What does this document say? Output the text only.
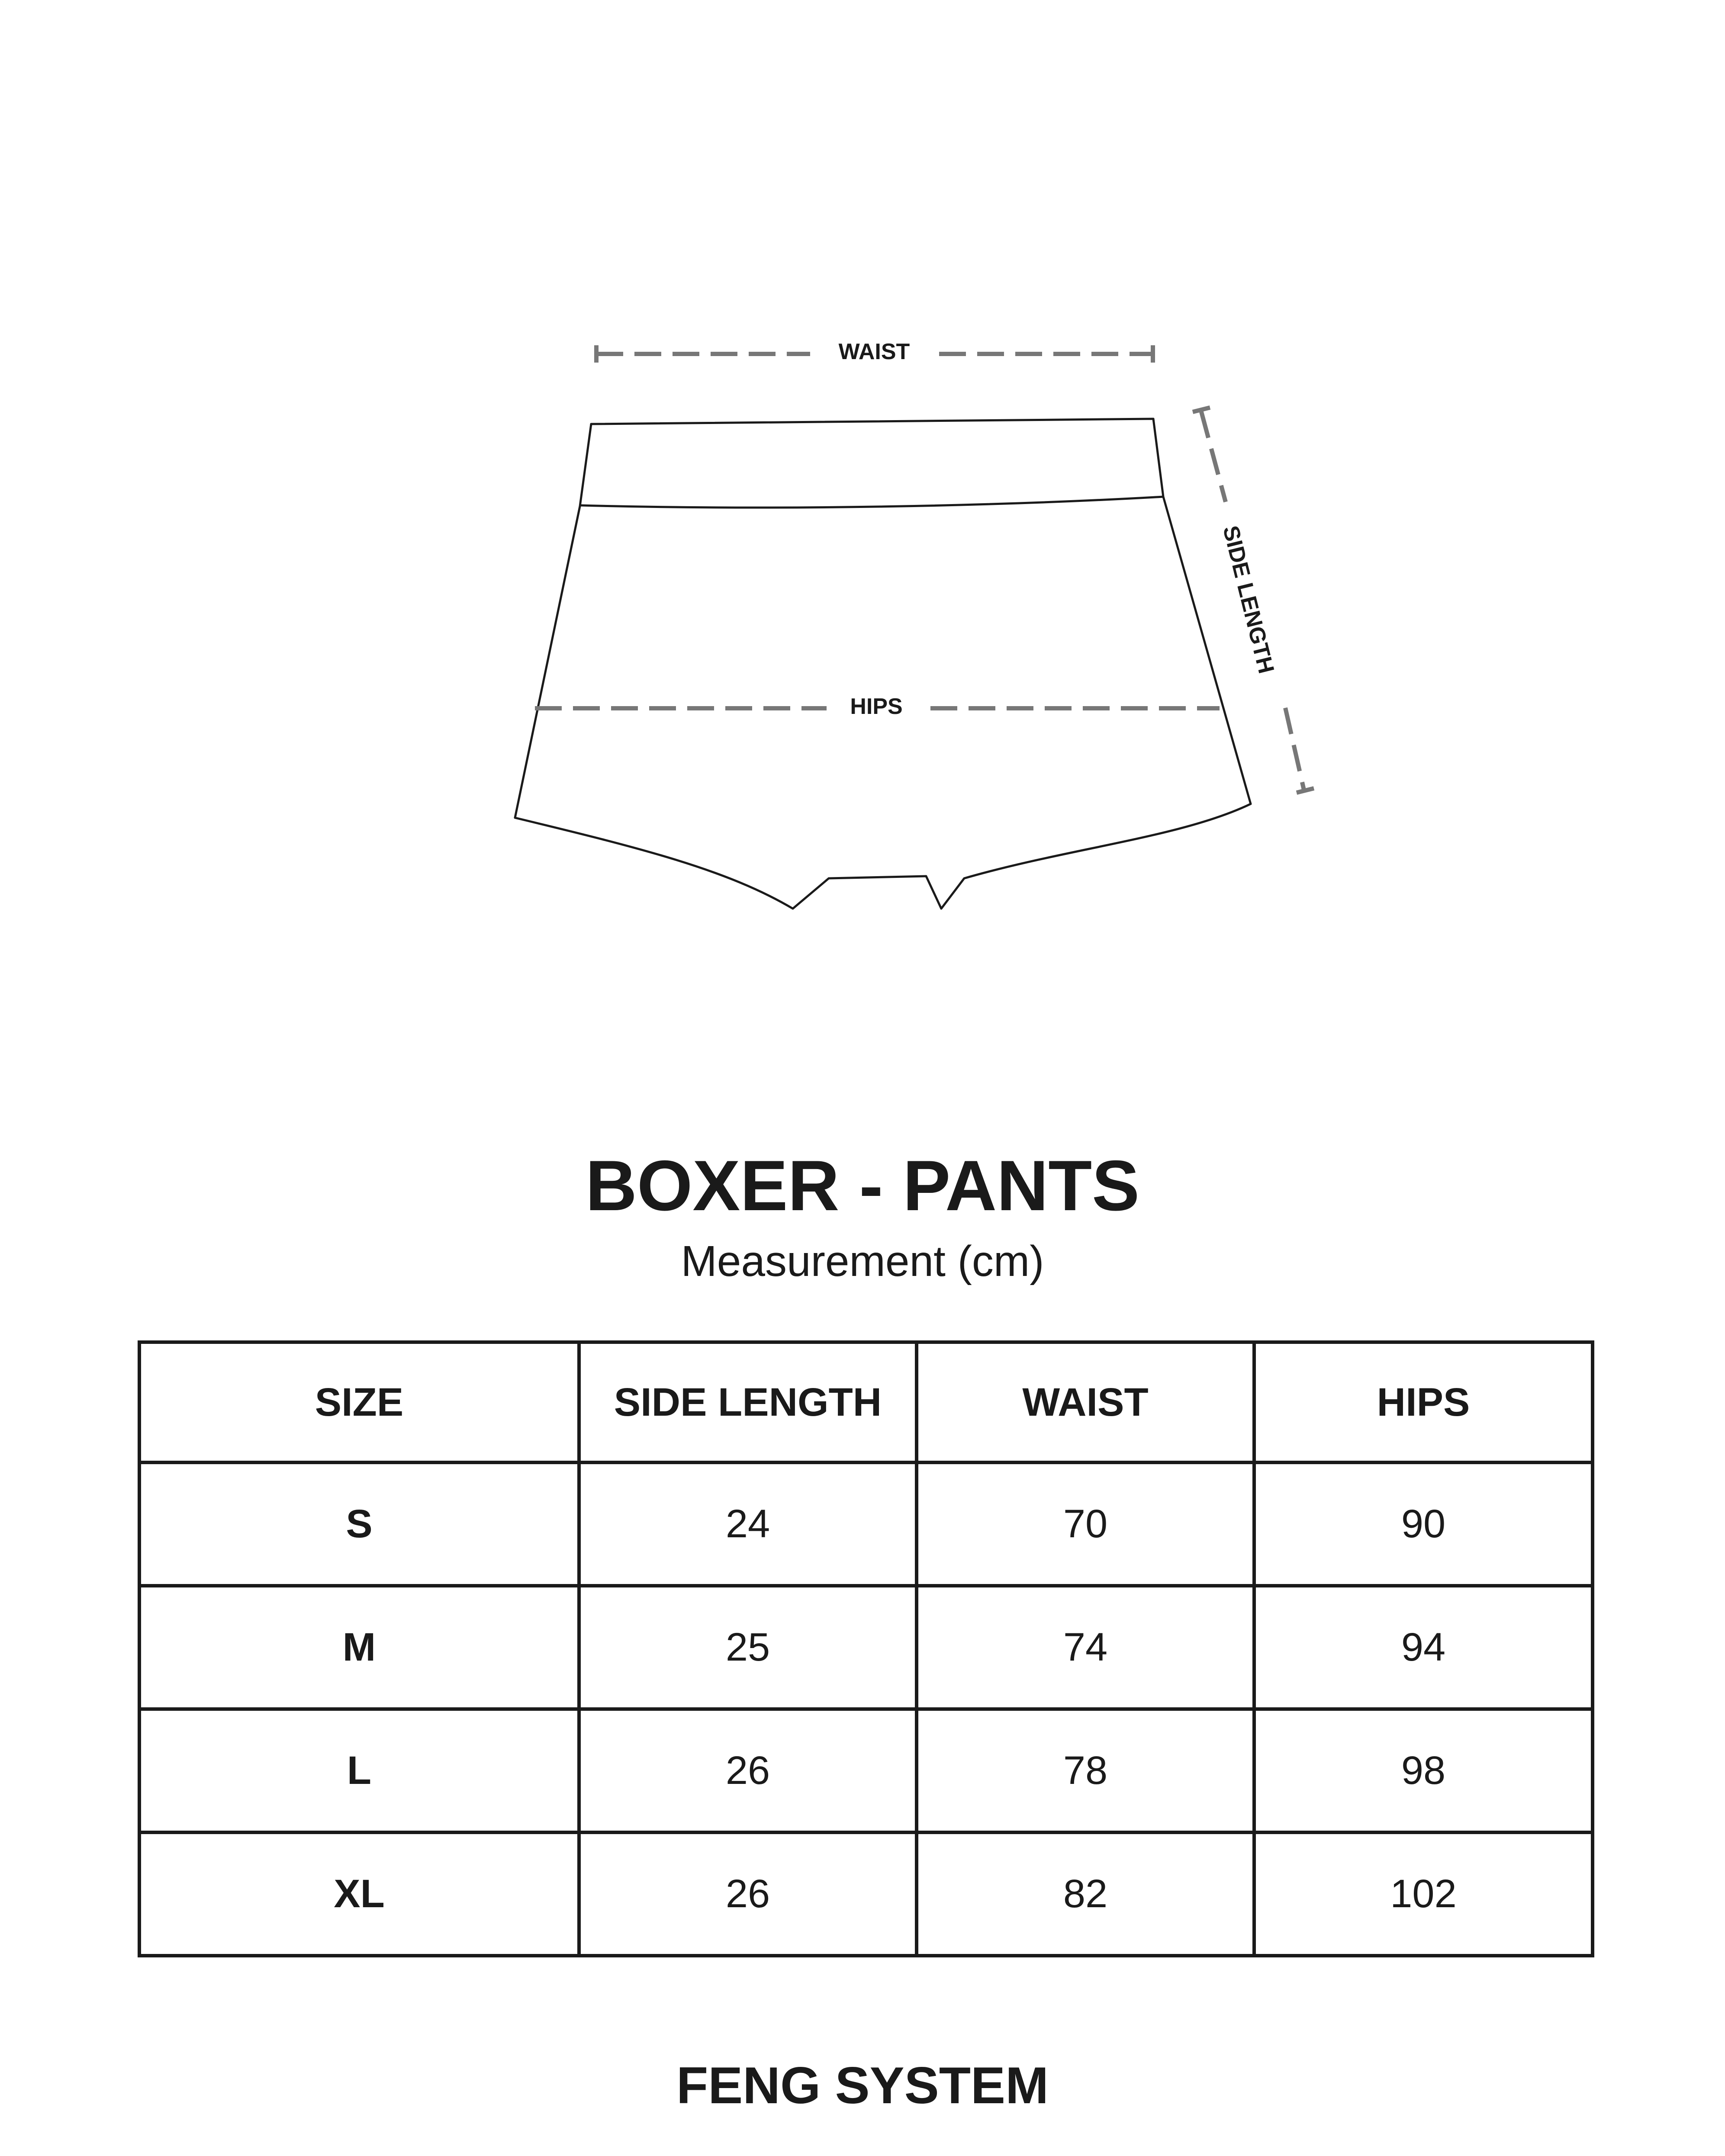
WAIST
HIPS
SIDE LENGTH
BOXER - PANTS

Measurement (cm)

SIZE	SIDE LENGTH	WAIST	HIPS
S	24	70	90
M	25	74	94
L	26	78	98
XL	26	82	102
FENG SYSTEM
